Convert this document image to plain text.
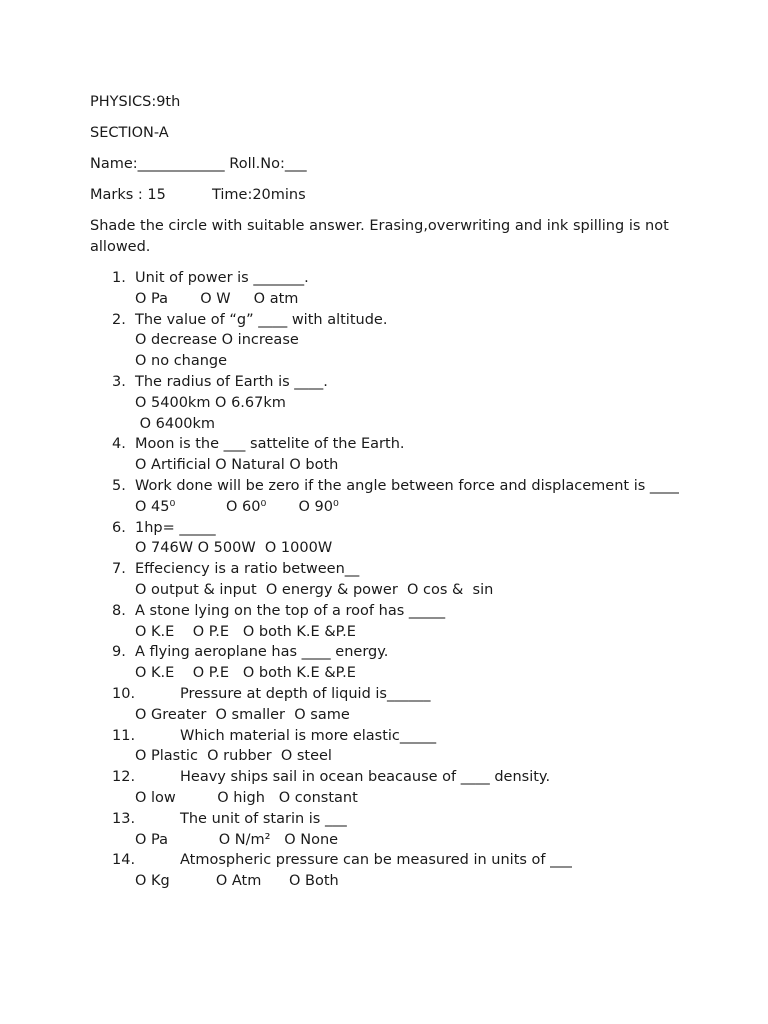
PHYSICS:9th

SECTION-A

Name:____________ Roll.No:___

Marks : 15          Time:20mins

Shade the circle with suitable answer. Erasing,overwriting and ink spilling is not allowed.

1. Unit of power is _______.
O Pa       O W     O atm
2. The value of “g” ____ with altitude.
O decrease O increase
O no change
3. The radius of Earth is ____.
O 5400km O 6.67km
O 6400km
4. Moon is the ___ sattelite of the Earth.
O Artificial O Natural O both
5. Work done will be zero if the angle between force and displacement is ____
O 45⁰           O 60⁰       O 90⁰
6. 1hp= _____
O 746W O 500W  O 1000W
7. Effeciency is a ratio between__
O output & input  O energy & power  O cos &  sin
8. A stone lying on the top of a roof has _____
O K.E    O P.E   O both K.E &P.E
9. A flying aeroplane has ____ energy.
O K.E    O P.E   O both K.E &P.E
10.	Pressure at depth of liquid is______
O Greater  O smaller  O same
11.	Which material is more elastic_____
O Plastic  O rubber  O steel
12.	Heavy ships sail in ocean beacause of ____ density.
O low         O high   O constant
13.	The unit of starin is ___
O Pa           O N/m²   O None
14.	Atmospheric pressure can be measured in units of ___
O Kg          O Atm      O Both
